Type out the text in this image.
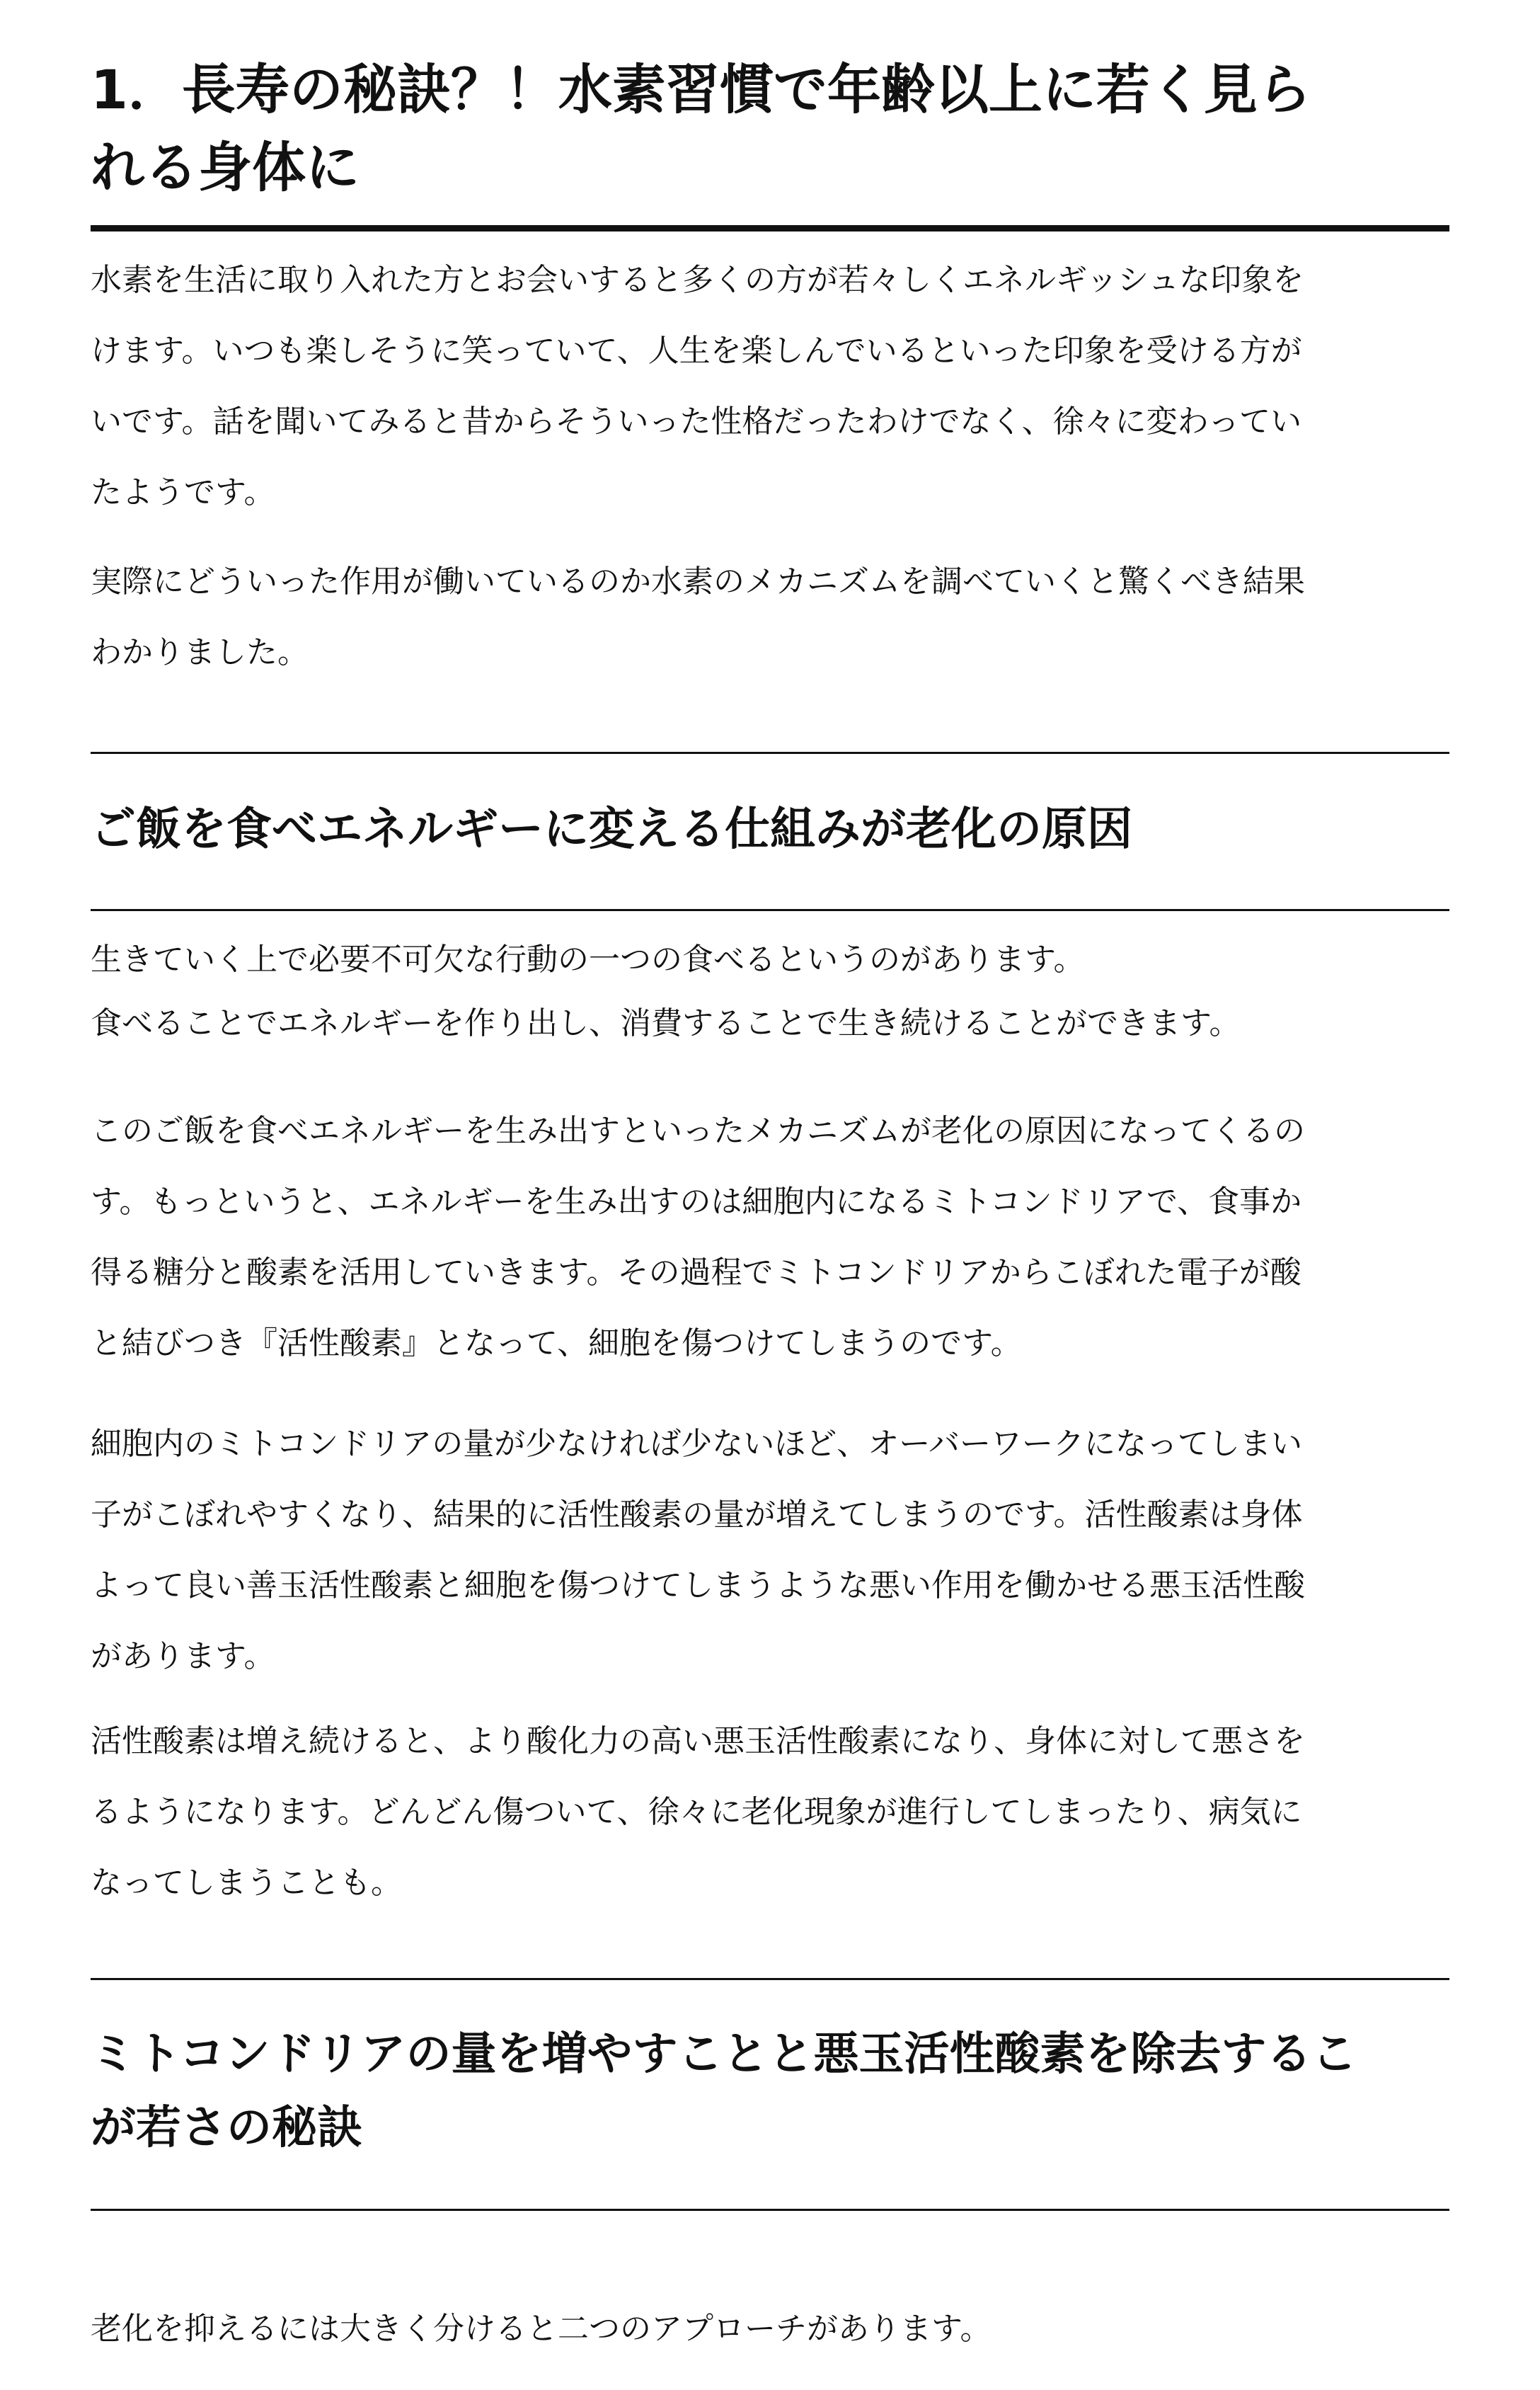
1．長寿の秘訣？！水素習慣で年齢以上に若く見ら
れる身体に
水素を生活に取り入れた方とお会いすると多くの方が若々しくエネルギッシュな印象を
けます。いつも楽しそうに笑っていて、人生を楽しんでいるといった印象を受ける方が
いです。話を聞いてみると昔からそういった性格だったわけでなく、徐々に変わってい
たようです。
実際にどういった作用が働いているのか水素のメカニズムを調べていくと驚くべき結果
わかりました。
ご飯を食べエネルギーに変える仕組みが老化の原因
生きていく上で必要不可欠な行動の一つの食べるというのがあります。
食べることでエネルギーを作り出し、消費することで生き続けることができます。
このご飯を食べエネルギーを生み出すといったメカニズムが老化の原因になってくるの
す。もっというと、エネルギーを生み出すのは細胞内になるミトコンドリアで、食事か
得る糖分と酸素を活用していきます。その過程でミトコンドリアからこぼれた電子が酸
と結びつき『活性酸素』となって、細胞を傷つけてしまうのです。
細胞内のミトコンドリアの量が少なければ少ないほど、オーバーワークになってしまい
子がこぼれやすくなり、結果的に活性酸素の量が増えてしまうのです。活性酸素は身体
よって良い善玉活性酸素と細胞を傷つけてしまうような悪い作用を働かせる悪玉活性酸
があります。
活性酸素は増え続けると、より酸化力の高い悪玉活性酸素になり、身体に対して悪さを
るようになります。どんどん傷ついて、徐々に老化現象が進行してしまったり、病気に
なってしまうことも。
ミトコンドリアの量を増やすことと悪玉活性酸素を除去するこ
が若さの秘訣
老化を抑えるには大きく分けると二つのアプローチがあります。
